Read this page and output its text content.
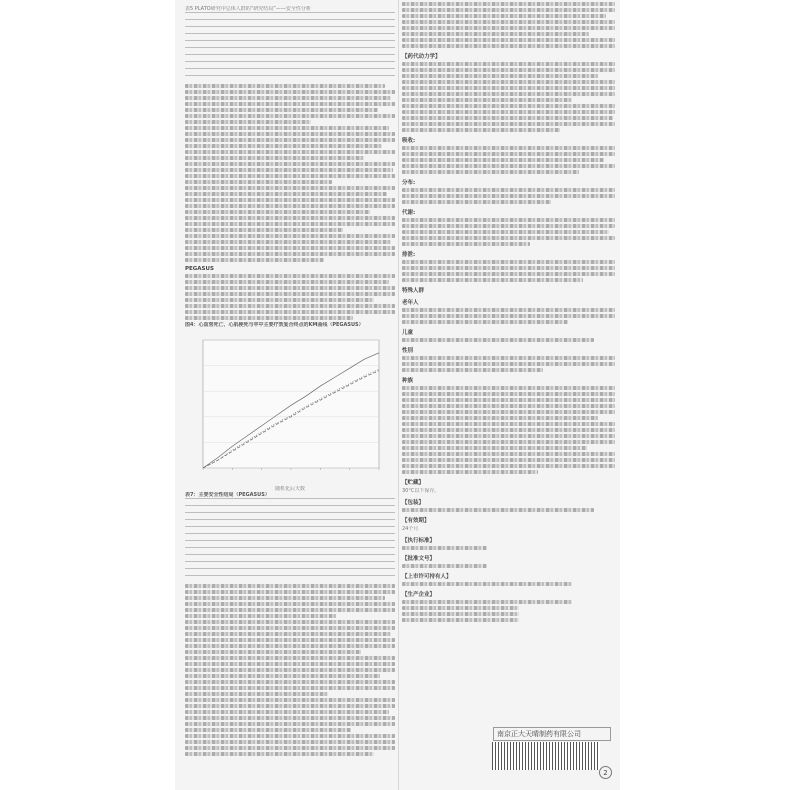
表5 PLATO研究中总体人群的“研究结局”——安全性分析

PEGASUS
图4：心血管死亡、心肌梗死与卒中主要疗效复合终点的KM曲线（PEGASUS）
随机化后天数
表7：主要安全性结局（PEGASUS）

【药代动力学】
吸收:
分布:
代谢:
排泄:
特殊人群
老年人
儿童
性别
种族
【贮藏】
30°C以下保存。
【包装】
【有效期】
24个月
【执行标准】
【批准文号】
【上市许可持有人】
【生产企业】
南京正大天晴制药有限公司
2
